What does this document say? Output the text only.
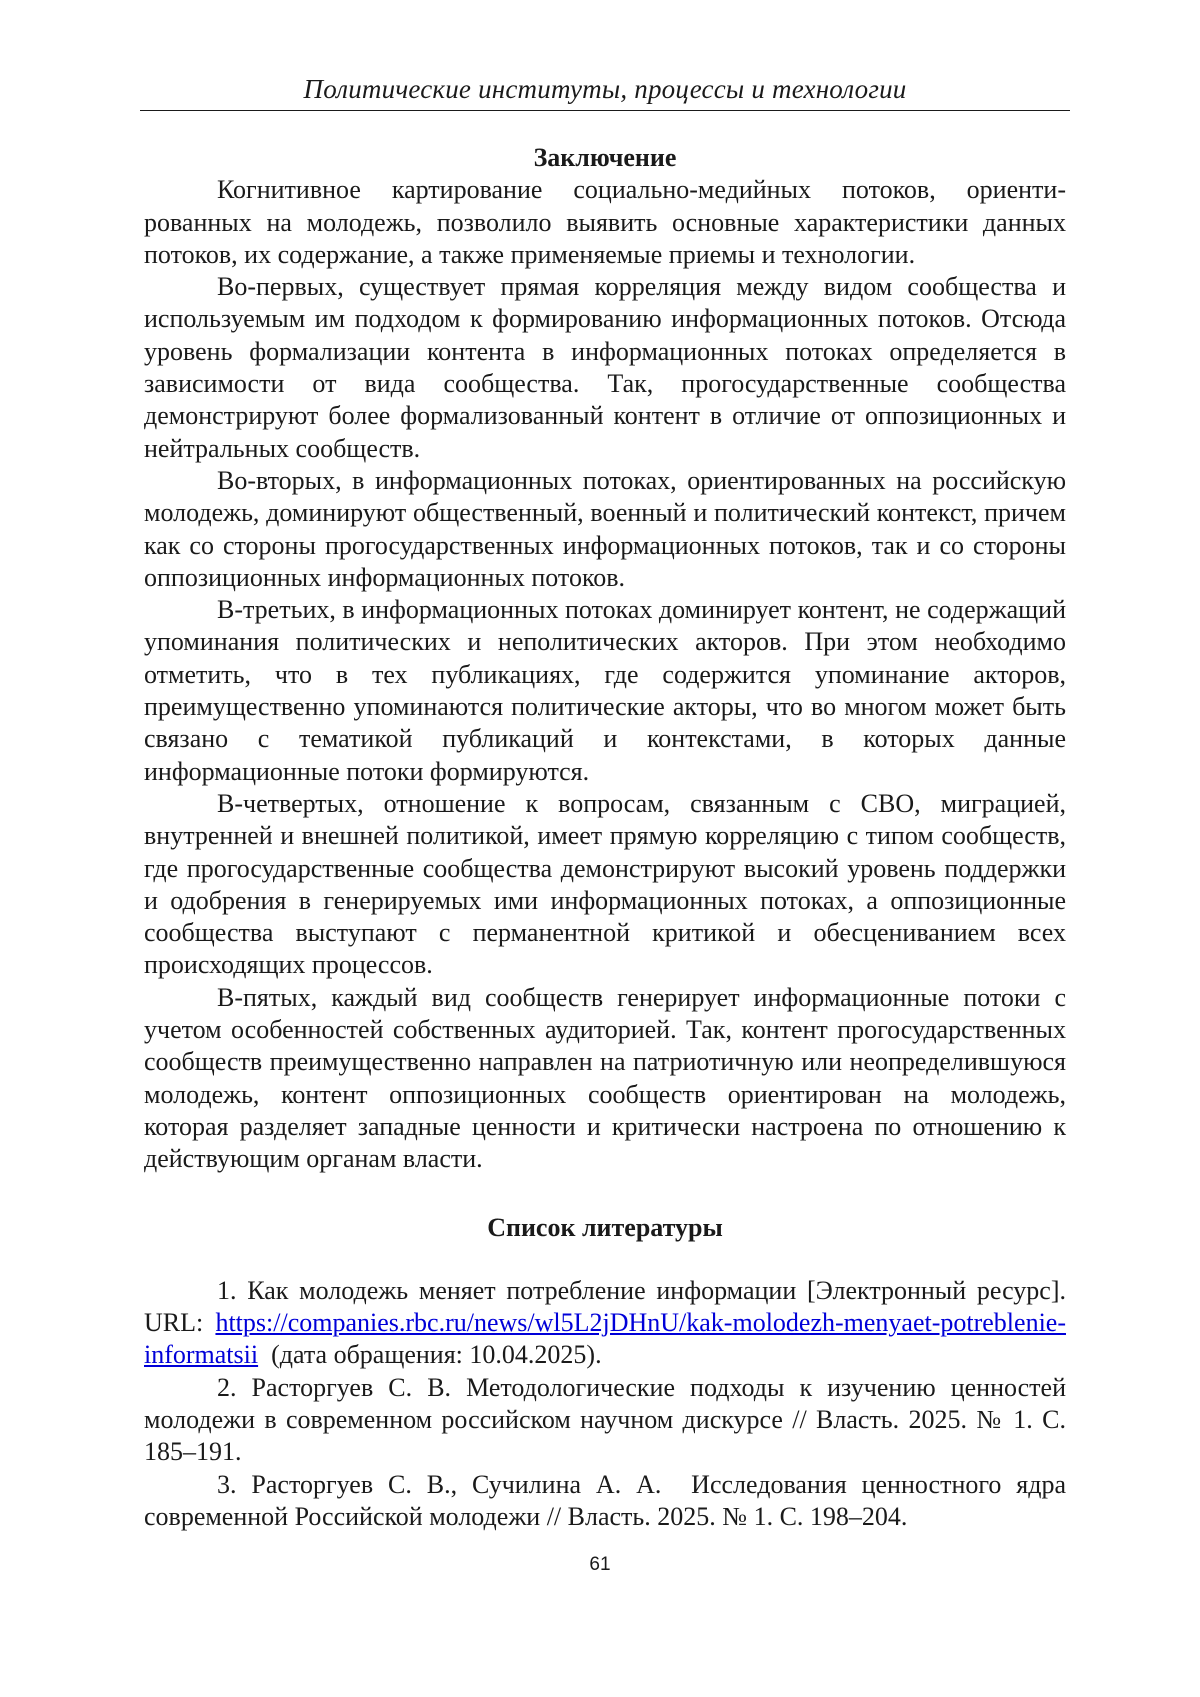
Политические институты, процессы и технологии

Заключение

Когнитивное картирование социально-медийных потоков, ориентированных на молодежь, позволило выявить основные характеристики данных потоков, их содержание, а также применяемые приемы и технологии.

Во-первых, существует прямая корреляция между видом сообщества и используемым им подходом к формированию информационных потоков. Отсюда уровень формализации контента в информационных потоках определяется в зависимости от вида сообщества. Так, прогосударственные сообщества демонстрируют более формализованный контент в отличие от оппозиционных и нейтральных сообществ.

Во-вторых, в информационных потоках, ориентированных на российскую молодежь, доминируют общественный, военный и политический контекст, причем как со стороны прогосударственных информационных потоков, так и со стороны оппозиционных информационных потоков.

В-третьих, в информационных потоках доминирует контент, не содержащий упоминания политических и неполитических акторов. При этом необходимо отметить, что в тех публикациях, где содержится упоминание акторов, преимущественно упоминаются политические акторы, что во многом может быть связано с тематикой публикаций и контекстами, в которых данные информационные потоки формируются.

В-четвертых, отношение к вопросам, связанным с СВО, миграцией, внутренней и внешней политикой, имеет прямую корреляцию с типом сообществ, где прогосударственные сообщества демонстрируют высокий уровень поддержки и одобрения в генерируемых ими информационных потоках, а оппозиционные сообщества выступают с перманентной критикой и обесцениванием всех происходящих процессов.

В-пятых, каждый вид сообществ генерирует информационные потоки с учетом особенностей собственных аудиторией. Так, контент прогосударственных сообществ преимущественно направлен на патриотичную или неопределившуюся молодежь, контент оппозиционных сообществ ориентирован на молодежь, которая разделяет западные ценности и критически настроена по отношению к действующим органам власти.

Список литературы

1. Как молодежь меняет потребление информации [Электронный ресурс]. URL: https://companies.rbc.ru/news/wl5L2jDHnU/kak-molodezh-menyaet-potreblenie-informatsii  (дата обращения: 10.04.2025).

2. Расторгуев С. В. Методологические подходы к изучению ценностей молодежи в современном российском научном дискурсе // Власть. 2025. № 1. С. 185–191.

3. Расторгуев С. В., Сучилина А. А.  Исследования ценностного ядра современной Российской молодежи // Власть. 2025. № 1. С. 198–204.

61
